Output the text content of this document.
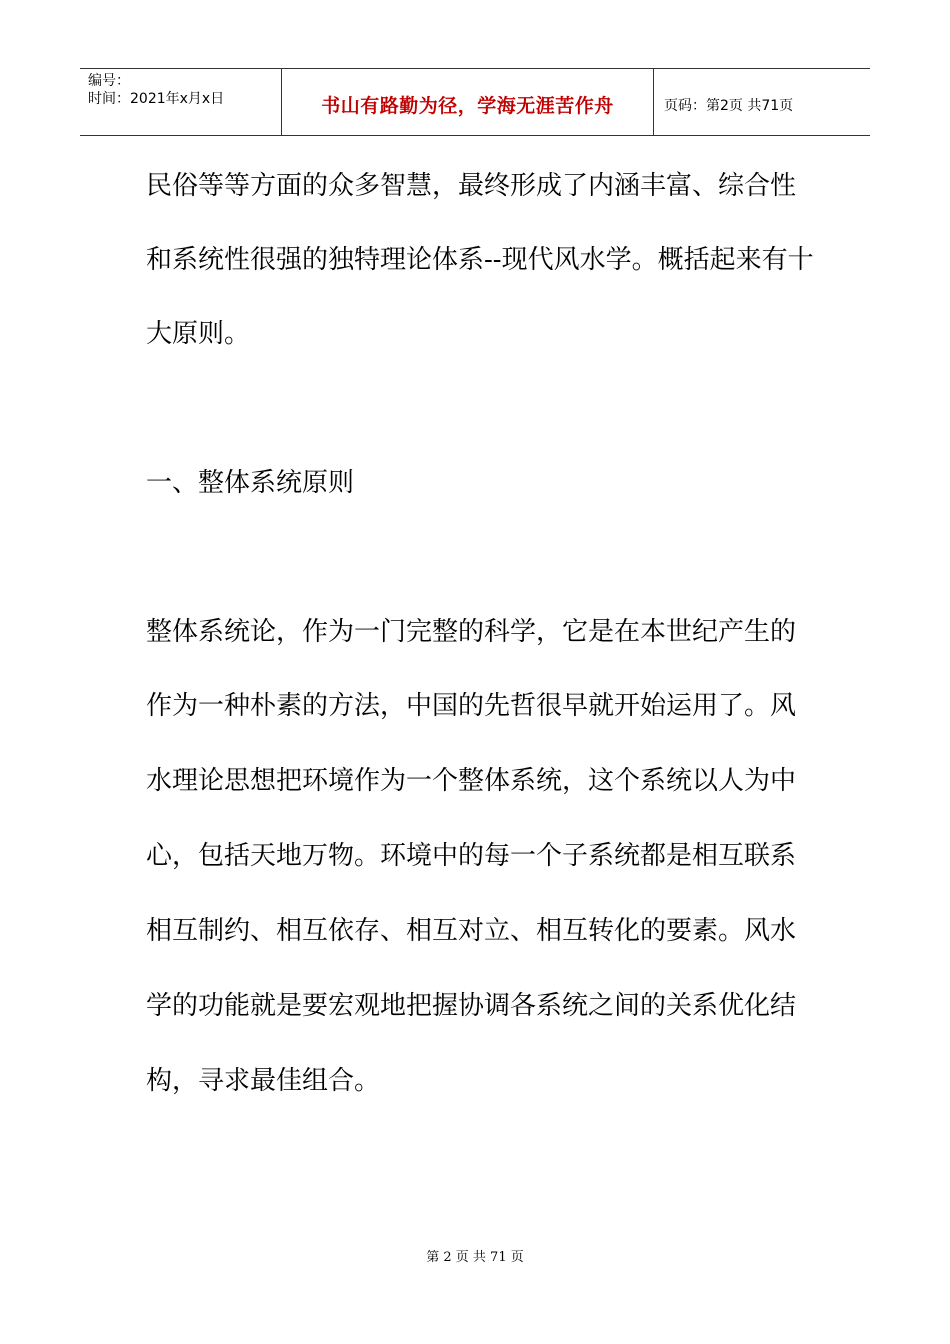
编号：
时间：2021年x月x日	书山有路勤为径，学海无涯苦作舟	页码：第2页 共71页
民俗等等方面的众多智慧，最终形成了内涵丰富、综合性
和系统性很强的独特理论体系--现代风水学。概括起来有十
大原则。
一、整体系统原则
整体系统论，作为一门完整的科学，它是在本世纪产生的
作为一种朴素的方法，中国的先哲很早就开始运用了。风
水理论思想把环境作为一个整体系统，这个系统以人为中
心，包括天地万物。环境中的每一个子系统都是相互联系
相互制约、相互依存、相互对立、相互转化的要素。风水
学的功能就是要宏观地把握协调各系统之间的关系优化结
构，寻求最佳组合。
第 2 页 共 71 页
